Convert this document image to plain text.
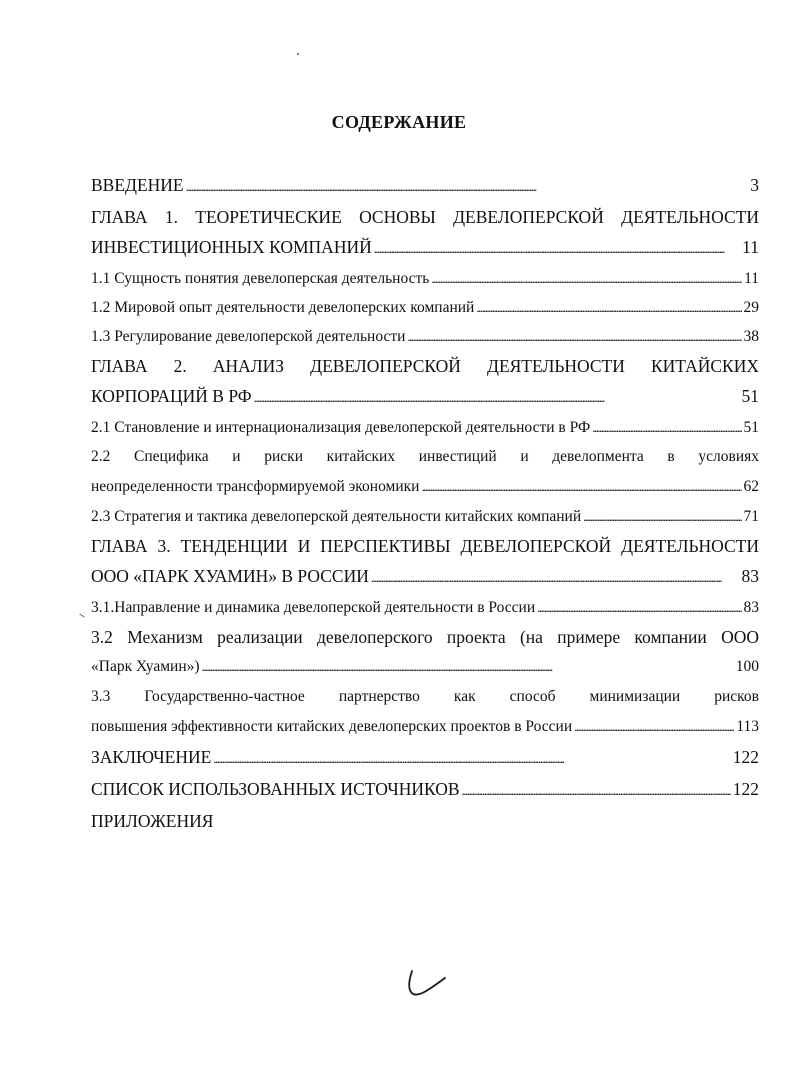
СОДЕРЖАНИЕ
ВВЕДЕНИЕ . . .	3
ГЛАВА 1. ТЕОРЕТИЧЕСКИЕ ОСНОВЫ ДЕВЕЛОПЕРСКОЙ ДЕЯТЕЛЬНОСТИ
ИНВЕСТИЦИОННЫХ КОМПАНИЙ . . .	11
1.1 Сущность понятия девелоперская деятельность . . .	11
1.2 Мировой опыт деятельности девелоперских компаний . . .	29
1.3 Регулирование девелоперской деятельности . . .	38
ГЛАВА 2. АНАЛИЗ ДЕВЕЛОПЕРСКОЙ ДЕЯТЕЛЬНОСТИ КИТАЙСКИХ
КОРПОРАЦИЙ В РФ . . .	51
2.1 Становление и интернационализация девелоперской деятельности в РФ . . .	51
2.2 Специфика и риски китайских инвестиций и девелопмента в условиях
неопределенности трансформируемой экономики . . .	62
2.3 Стратегия и тактика девелоперской деятельности китайских компаний . . .	71
ГЛАВА 3. ТЕНДЕНЦИИ И ПЕРСПЕКТИВЫ ДЕВЕЛОПЕРСКОЙ ДЕЯТЕЛЬНОСТИ
ООО «ПАРК ХУАМИН» В РОССИИ . . .	83
3.1.Направление и динамика девелоперской деятельности в России . . .	83
3.2 Механизм реализации девелоперского проекта (на примере компании ООО
«Парк Хуамин») . . .	100
3.3 Государственно-частное партнерство как способ минимизации рисков
повышения эффективности китайских девелоперских проектов в России . . .	113
ЗАКЛЮЧЕНИЕ . . .	122
СПИСОК ИСПОЛЬЗОВАННЫХ ИСТОЧНИКОВ . . .	122
ПРИЛОЖЕНИЯ
